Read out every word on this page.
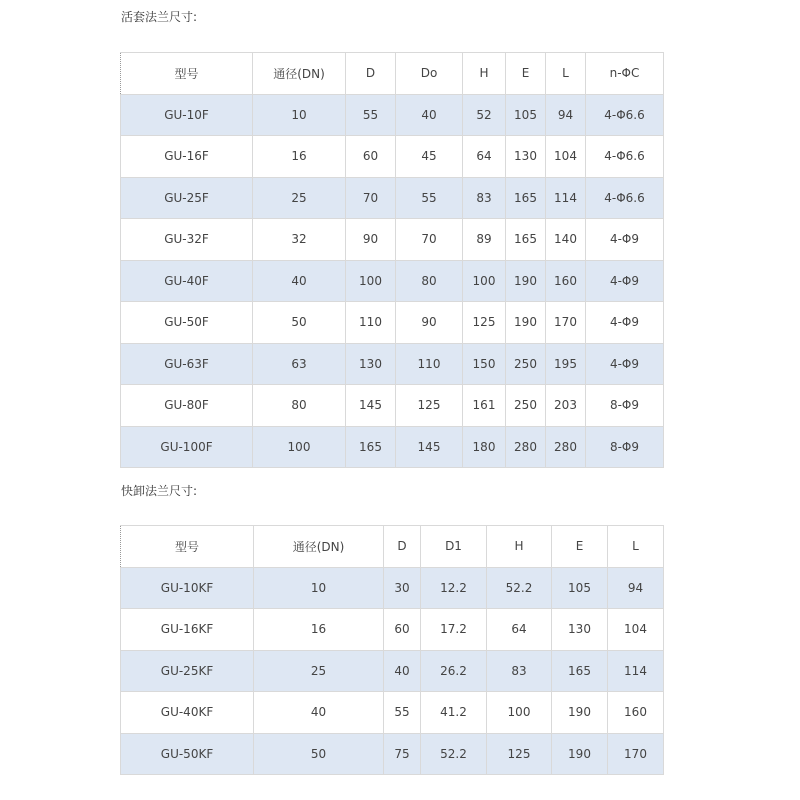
活套法兰尺寸:
型号	通径(DN)	D	Do	H	E	L	n-ΦC
GU-10F	10	55	40	52	105	94	4-Φ6.6
GU-16F	16	60	45	64	130	104	4-Φ6.6
GU-25F	25	70	55	83	165	114	4-Φ6.6
GU-32F	32	90	70	89	165	140	4-Φ9
GU-40F	40	100	80	100	190	160	4-Φ9
GU-50F	50	110	90	125	190	170	4-Φ9
GU-63F	63	130	110	150	250	195	4-Φ9
GU-80F	80	145	125	161	250	203	8-Φ9
GU-100F	100	165	145	180	280	280	8-Φ9
快卸法兰尺寸:
型号	通径(DN)	D	D1	H	E	L
GU-10KF	10	30	12.2	52.2	105	94
GU-16KF	16	60	17.2	64	130	104
GU-25KF	25	40	26.2	83	165	114
GU-40KF	40	55	41.2	100	190	160
GU-50KF	50	75	52.2	125	190	170
